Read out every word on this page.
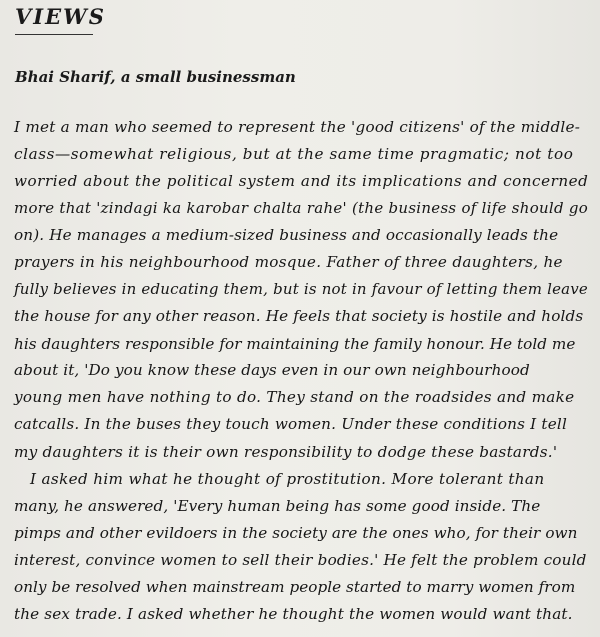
VIEWS
Bhai Sharif, a small businessman
I met a man who seemed to represent the 'good citizens' of the middle-
class—somewhat religious, but at the same time pragmatic; not too
worried about the political system and its implications and concerned
more that 'zindagi ka karobar chalta rahe' (the business of life should go
on). He manages a medium-sized business and occasionally leads the
prayers in his neighbourhood mosque. Father of three daughters, he
fully believes in educating them, but is not in favour of letting them leave
the house for any other reason. He feels that society is hostile and holds
his daughters responsible for maintaining the family honour. He told me
about it, 'Do you know these days even in our own neighbourhood
young men have nothing to do. They stand on the roadsides and make
catcalls. In the buses they touch women. Under these conditions I tell
my daughters it is their own responsibility to dodge these bastards.'
I asked him what he thought of prostitution. More tolerant than
many, he answered, 'Every human being has some good inside. The
pimps and other evildoers in the society are the ones who, for their own
interest, convince women to sell their bodies.' He felt the problem could
only be resolved when mainstream people started to marry women from
the sex trade. I asked whether he thought the women would want that.
